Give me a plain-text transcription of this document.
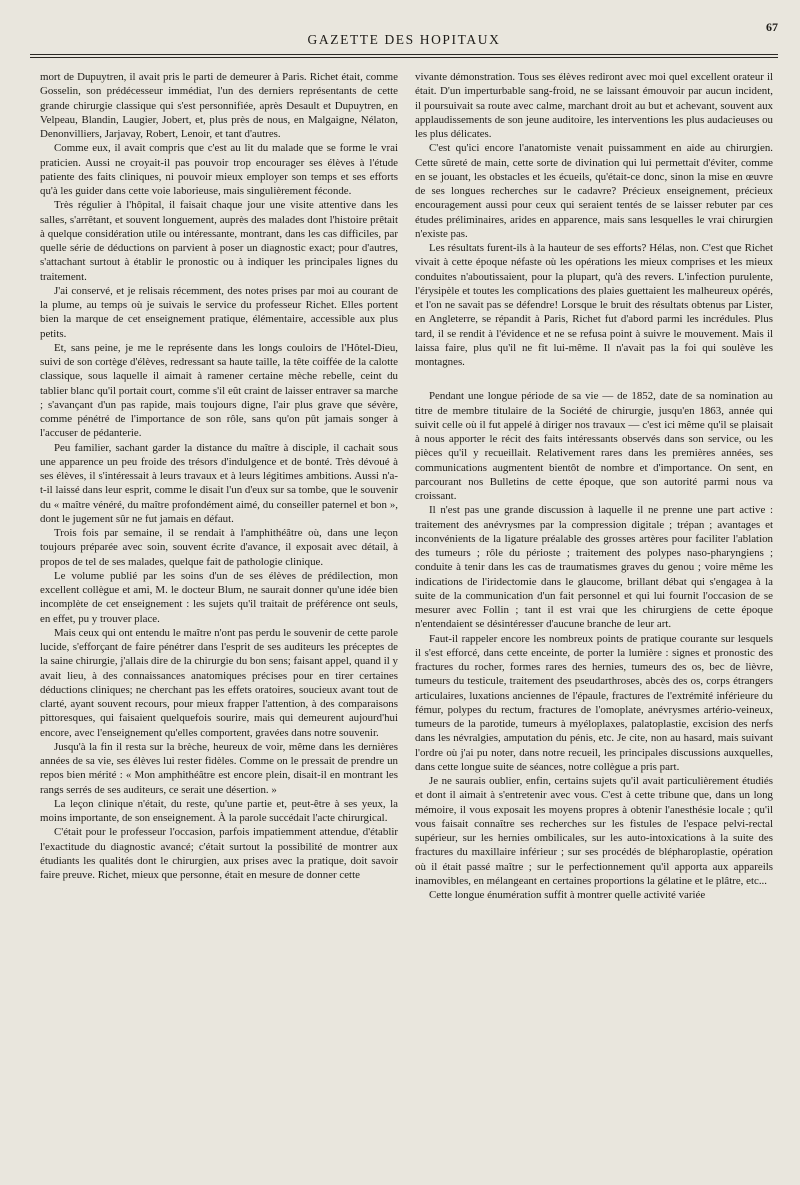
GAZETTE DES HOPITAUX
67

mort de Dupuytren, il avait pris le parti de demeurer à Paris. Richet était, comme Gosselin, son prédécesseur immédiat, l'un des derniers représentants de cette grande chirurgie classique qui s'est personnifiée, après Desault et Dupuytren, en Velpeau, Blandin, Laugier, Jobert, et, plus près de nous, en Malgaigne, Nélaton, Denonvilliers, Jarjavay, Robert, Lenoir, et tant d'autres.

Comme eux, il avait compris que c'est au lit du malade que se forme le vrai praticien. Aussi ne croyait-il pas pouvoir trop encourager ses élèves à l'étude patiente des faits cliniques, ni pouvoir mieux employer son temps et ses efforts qu'à les guider dans cette voie laborieuse, mais singulièrement féconde.

Très régulier à l'hôpital, il faisait chaque jour une visite attentive dans les salles, s'arrêtant, et souvent longuement, auprès des malades dont l'histoire prêtait à quelque considération utile ou intéressante, montrant, dans les cas difficiles, par quelle série de déductions on parvient à poser un diagnostic exact; pour d'autres, s'attachant surtout à établir le pronostic ou à indiquer les principales lignes du traitement.

J'ai conservé, et je relisais récemment, des notes prises par moi au courant de la plume, au temps où je suivais le service du professeur Richet. Elles portent bien la marque de cet enseignement pratique, élémentaire, accessible aux plus petits.

Et, sans peine, je me le représente dans les longs couloirs de l'Hôtel-Dieu, suivi de son cortège d'élèves, redressant sa haute taille, la tête coiffée de la calotte classique, sous laquelle il aimait à ramener certaine mèche rebelle, ceint du tablier blanc qu'il portait court, comme s'il eût craint de laisser entraver sa marche ; s'avançant d'un pas rapide, mais toujours digne, l'air plus grave que sévère, comme pénétré de l'importance de son rôle, sans qu'on pût jamais songer à l'accuser de pédanterie.

Peu familier, sachant garder la distance du maître à disciple, il cachait sous une apparence un peu froide des trésors d'indulgence et de bonté. Très dévoué à ses élèves, il s'intéressait à leurs travaux et à leurs légitimes ambitions. Aussi n'a-t-il laissé dans leur esprit, comme le disait l'un d'eux sur sa tombe, que le souvenir du « maître vénéré, du maître profondément aimé, du conseiller paternel et bon », dont le jugement sûr ne fut jamais en défaut.

Trois fois par semaine, il se rendait à l'amphithéâtre où, dans une leçon toujours préparée avec soin, souvent écrite d'avance, il exposait avec détail, à propos de tel de ses malades, quelque fait de pathologie clinique.

Le volume publié par les soins d'un de ses élèves de prédilection, mon excellent collègue et ami, M. le docteur Blum, ne saurait donner qu'une idée bien incomplète de cet enseignement : les sujets qu'il traitait de préférence ont seuls, en effet, pu y trouver place.

Mais ceux qui ont entendu le maître n'ont pas perdu le souvenir de cette parole lucide, s'efforçant de faire pénétrer dans l'esprit de ses auditeurs les préceptes de la saine chirurgie, j'allais dire de la chirurgie du bon sens; faisant appel, quand il y avait lieu, à des connaissances anatomiques précises pour en tirer certaines déductions cliniques; ne cherchant pas les effets oratoires, soucieux avant tout de clarté, ayant souvent recours, pour mieux frapper l'attention, à des comparaisons pittoresques, qui faisaient quelquefois sourire, mais qui demeurent aujourd'hui encore, avec l'enseignement qu'elles comportent, gravées dans notre souvenir.

Jusqu'à la fin il resta sur la brèche, heureux de voir, même dans les dernières années de sa vie, ses élèves lui rester fidèles. Comme on le pressait de prendre un repos bien mérité : « Mon amphithéâtre est encore plein, disait-il en montrant les rangs serrés de ses auditeurs, ce serait une désertion. »

La leçon clinique n'était, du reste, qu'une partie et, peut-être à ses yeux, la moins importante, de son enseignement. À la parole succédait l'acte chirurgical.

C'était pour le professeur l'occasion, parfois impatiemment attendue, d'établir l'exactitude du diagnostic avancé; c'était surtout la possibilité de montrer aux étudiants les qualités dont le chirurgien, aux prises avec la pratique, doit savoir faire preuve. Richet, mieux que personne, était en mesure de donner cette

vivante démonstration. Tous ses élèves rediront avec moi quel excellent orateur il était. D'un imperturbable sang-froid, ne se laissant émouvoir par aucun incident, il poursuivait sa route avec calme, marchant droit au but et achevant, souvent aux applaudissements de son jeune auditoire, les interventions les plus audacieuses ou les plus délicates.

C'est qu'ici encore l'anatomiste venait puissamment en aide au chirurgien. Cette sûreté de main, cette sorte de divination qui lui permettait d'éviter, comme en se jouant, les obstacles et les écueils, qu'était-ce donc, sinon la mise en œuvre de ses longues recherches sur le cadavre? Précieux enseignement, précieux encouragement aussi pour ceux qui seraient tentés de se laisser rebuter par ces études préliminaires, arides en apparence, mais sans lesquelles le vrai chirurgien n'existe pas.

Les résultats furent-ils à la hauteur de ses efforts? Hélas, non. C'est que Richet vivait à cette époque néfaste où les opérations les mieux comprises et les mieux conduites n'aboutissaient, pour la plupart, qu'à des revers. L'infection purulente, l'érysipèle et toutes les complications des plaies guettaient les malheureux opérés, et l'on ne savait pas se défendre! Lorsque le bruit des résultats obtenus par Lister, en Angleterre, se répandit à Paris, Richet fut d'abord parmi les incrédules. Plus tard, il se rendit à l'évidence et ne se refusa point à suivre le mouvement. Mais il laissa faire, plus qu'il ne fit lui-même. Il n'avait pas la foi qui soulève les montagnes.

Pendant une longue période de sa vie — de 1852, date de sa nomination au titre de membre titulaire de la Société de chirurgie, jusqu'en 1863, année qui suivit celle où il fut appelé à diriger nos travaux — c'est ici même qu'il se plaisait à nous apporter le récit des faits intéressants observés dans son service, ou les pièces qu'il y recueillait. Relativement rares dans les premières années, ses communications augmentent bientôt de nombre et d'importance. On sent, en parcourant nos Bulletins de cette époque, que son autorité parmi nous va croissant.

Il n'est pas une grande discussion à laquelle il ne prenne une part active : traitement des anévrysmes par la compression digitale ; trépan ; avantages et inconvénients de la ligature préalable des grosses artères pour faciliter l'ablation des tumeurs ; rôle du périoste ; traitement des polypes naso-pharyngiens ; conduite à tenir dans les cas de traumatismes graves du genou ; voire même les indications de l'iridectomie dans le glaucome, brillant débat qui s'engagea à la suite de la communication d'un fait personnel et qui lui fournit l'occasion de se mesurer avec Follin ; tant il est vrai que les chirurgiens de cette époque n'entendaient se désintéresser d'aucune branche de leur art.

Faut-il rappeler encore les nombreux points de pratique courante sur lesquels il s'est efforcé, dans cette enceinte, de porter la lumière : signes et pronostic des fractures du rocher, formes rares des hernies, tumeurs des os, bec de lièvre, tumeurs du testicule, traitement des pseudarthroses, abcès des os, corps étrangers articulaires, luxations anciennes de l'épaule, fractures de l'extrémité inférieure du fémur, polypes du rectum, fractures de l'omoplate, anévrysmes artério-veineux, tumeurs de la parotide, tumeurs à myéloplaxes, palatoplastie, excision des nerfs dans les névralgies, amputation du pénis, etc. Je cite, non au hasard, mais suivant l'ordre où j'ai pu noter, dans notre recueil, les principales discussions auxquelles, dans cette longue suite de séances, notre collègue a pris part.

Je ne saurais oublier, enfin, certains sujets qu'il avait particulièrement étudiés et dont il aimait à s'entretenir avec vous. C'est à cette tribune que, dans un long mémoire, il vous exposait les moyens propres à obtenir l'anesthésie locale ; qu'il vous faisait connaître ses recherches sur les fistules de l'espace pelvi-rectal supérieur, sur les hernies ombilicales, sur les auto-intoxications à la suite des fractures du maxillaire inférieur ; sur ses procédés de blépharoplastie, opération où il était passé maître ; sur le perfectionnement qu'il apporta aux appareils inamovibles, en mélangeant en certaines proportions la gélatine et le plâtre, etc...

Cette longue énumération suffit à montrer quelle activité variée
